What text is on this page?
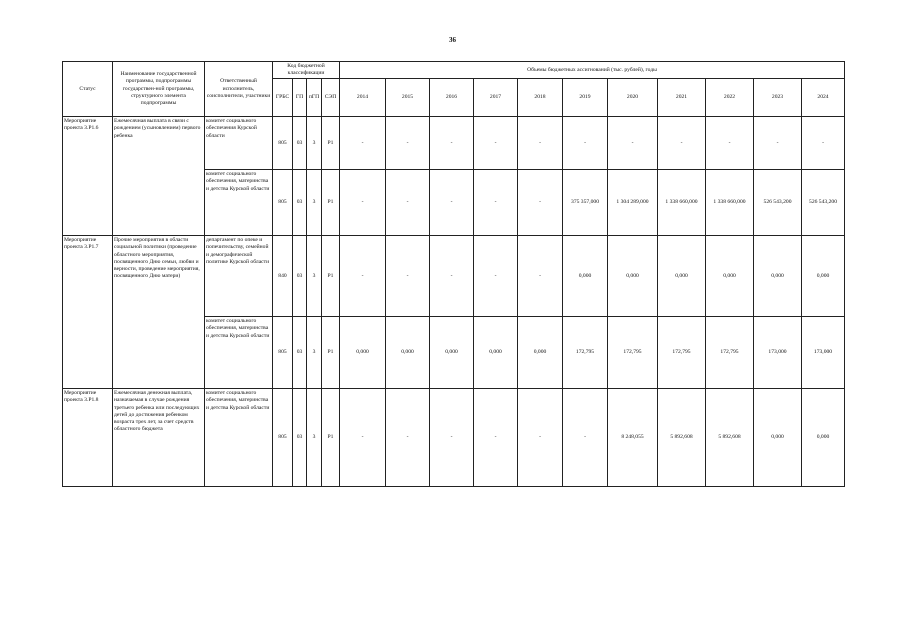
36
Статус	Наименование государственной программы, подпрограммы государствен-ной программы, структурного элемента подпрограммы	Ответственный исполнитель, соисполнители, участники	Код бюджетной классификации				Объемы бюджетных ассигнований (тыс. рублей), годы										
			ГРБС	ГП	пГП	СЭП	2014	2015	2016	2017	2018	2019	2020	2021	2022	2023	2024
Мероприятие проекта 3.Р1.6	Ежемесячная выплата в связи с рождением (усыновлением) первого ребенка	комитет социального обеспечения Курской области	805	03	3	Р1	-	-	-	-	-	-	-	-	-	-	-
		комитет социального обеспечения, материнства и детства Курской области	805	03	3	Р1	-	-	-	-	-	375 357,000	1 304 289,000	1 338 660,000	1 338 660,000	526 543,200	526 543,200
Мероприятие проекта 3.Р1.7	Прочие мероприятия в области социальной политики (проведение областного мероприятия, посвященного Дню семьи, любви и верности, проведение мероприятия, посвященного Дню матери)	департамент по опеке и попечительству, семейной и демографической политике Курской области	840	03	3	Р1	-	-	-	-	-	0,000	0,000	0,000	0,000	0,000	0,000
		комитет социального обеспечения, материнства и детства Курской области	805	03	3	Р1	0,000	0,000	0,000	0,000	0,000	172,795	172,795	172,795	172,795	173,000	173,000
Мероприятие проекта 3.Р1.8	Ежемесячная денежная выплата, назначаемая в случае рождения третьего ребенка или последующих детей до достижения ребенком возраста трех лет, за счет средств областного бюджета	комитет социального обеспечения, материнства и детства Курской области	805	03	3	Р1	-	-	-	-	-	-	8 248,055	5 892,608	5 892,608	0,000	0,000
